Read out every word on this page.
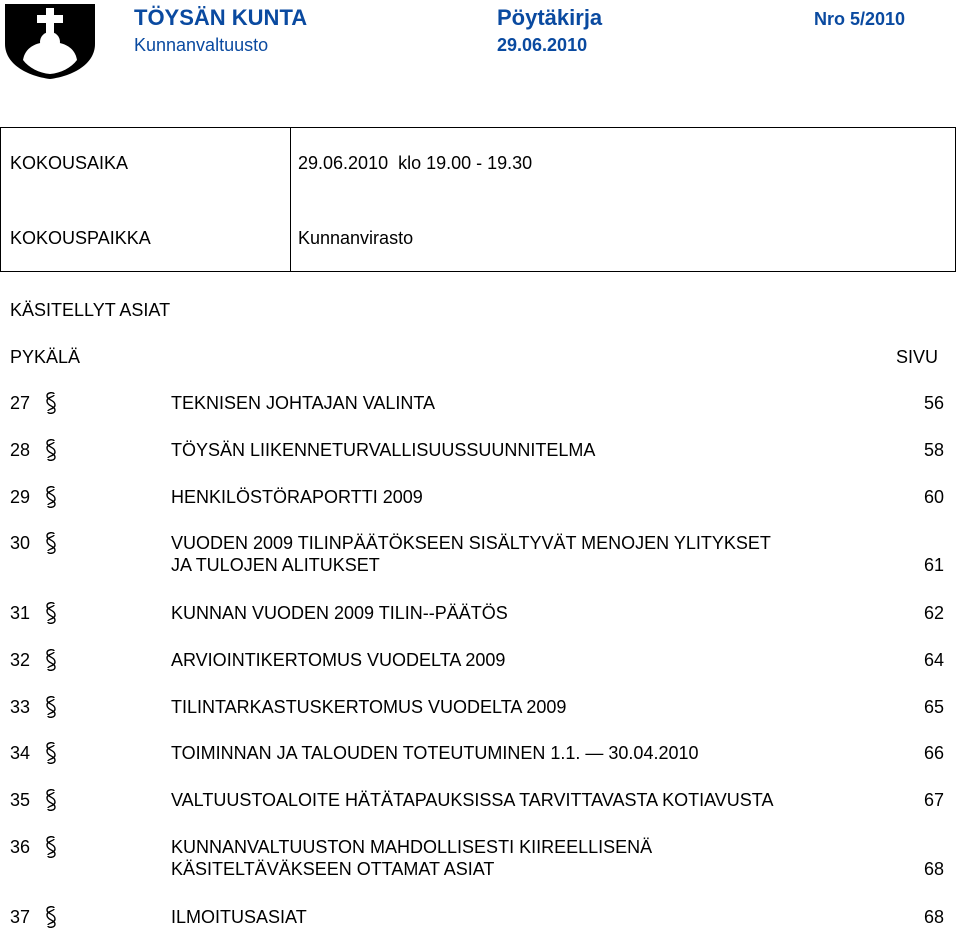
TÖYSÄN KUNTA
Kunnanvaltuusto
Pöytäkirja
29.06.2010
Nro 5/2010
KOKOUSAIKA	29.06.2010  klo 19.00 - 19.30
KOKOUSPAIKKA	Kunnanvirasto
KÄSITELLYT ASIAT
PYKÄLÄ	SIVU
27	TEKNISEN JOHTAJAN VALINTA	56
28	TÖYSÄN LIIKENNETURVALLISUUSSUUNNITELMA	58
29	HENKILÖSTÖRAPORTTI 2009	60
30	VUODEN 2009 TILINPÄÄTÖKSEEN SISÄLTYVÄT MENOJEN YLITYKSET
JA TULOJEN ALITUKSET	61
31	KUNNAN VUODEN 2009 TILIN--PÄÄTÖS	62
32	ARVIOINTIKERTOMUS VUODELTA 2009	64
33	TILINTARKASTUSKERTOMUS VUODELTA 2009	65
34	TOIMINNAN JA TALOUDEN TOTEUTUMINEN 1.1. — 30.04.2010	66
35	VALTUUSTOALOITE HÄTÄTAPAUKSISSA TARVITTAVASTA KOTIAVUSTA	67
36	KUNNANVALTUUSTON MAHDOLLISESTI KIIREELLISENÄ
KÄSITELTÄVÄKSEEN OTTAMAT ASIAT	68
37	ILMOITUSASIAT	68
